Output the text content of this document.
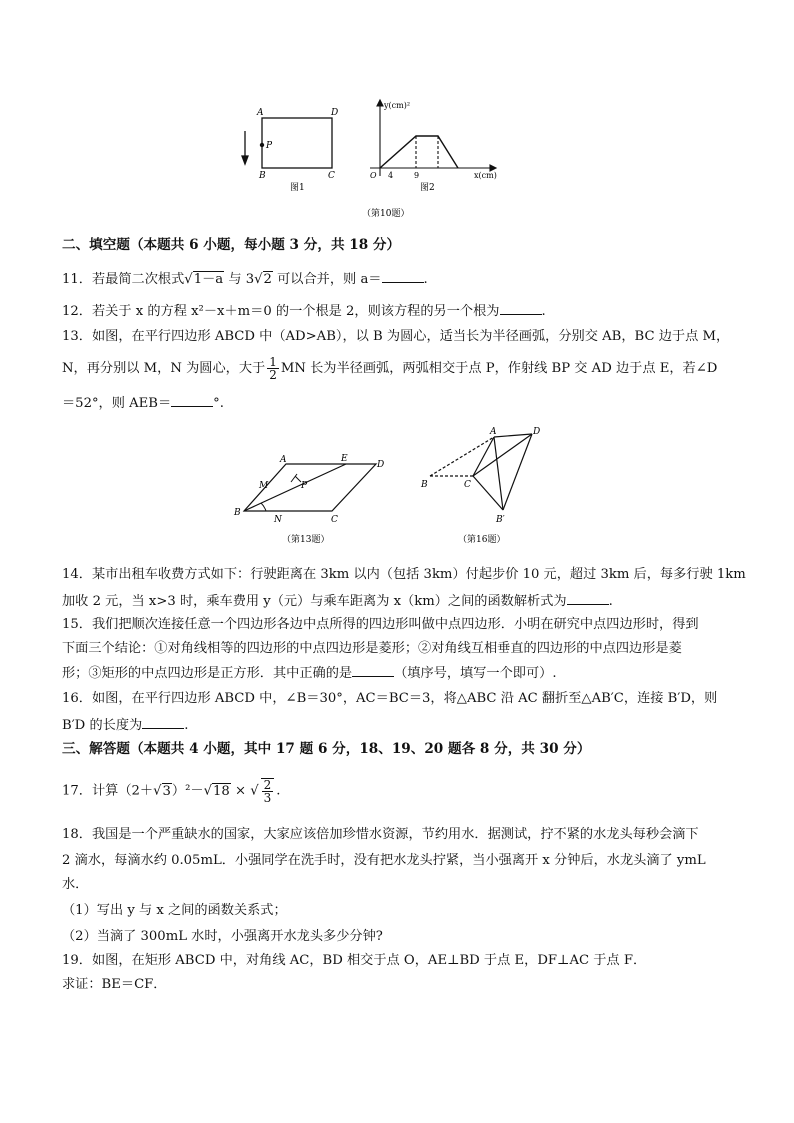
A	D
P
B	C
图1
y(cm)²
x(cm)
O 4	9
图2
（第10题）
二、填空题（本题共 6 小题，每小题 3 分，共 18 分）
11．若最简二次根式√1－a 与 3√2 可以合并，则 a＝	.
12．若关于 x 的方程 x²－x＋m＝0 的一个根是 2，则该方程的另一个根为	.
13．如图，在平行四边形 ABCD 中（AD>AB），以 B 为圆心，适当长为半径画弧，分别交 AB，BC 边于点 M，
N，再分别以 M，N 为圆心，大于 $\frac{1}{2}$ MN 长为半径画弧，两弧相交于点 P，作射线 BP 交 AD 边于点 E，若∠D
＝52°，则 AEB＝	°.
A	E
D
M	P
B
N	C
（第13题）
A	D
B	C
B′
（第16题）
14．某市出租车收费方式如下：行驶距离在 3km 以内（包括 3km）付起步价 10 元，超过 3km 后，每多行驶 1km
加收 2 元，当 x>3 时，乘车费用 y（元）与乘车距离为 x（km）之间的函数解析式为	.
15．我们把顺次连接任意一个四边形各边中点所得的四边形叫做中点四边形．小明在研究中点四边形时，得到
下面三个结论：①对角线相等的四边形的中点四边形是菱形；②对角线互相垂直的四边形的中点四边形是菱
形；③矩形的中点四边形是正方形．其中正确的是	（填序号，填写一个即可）.
16．如图，在平行四边形 ABCD 中，∠B＝30°，AC＝BC＝3，将△ABC 沿 AC 翻折至△AB′C，连接 B′D，则
B′D 的长度为	.
三、解答题（本题共 4 小题，其中 17 题 6 分，18、19、20 题各 8 分，共 30 分）
17．计算（2＋√3）²－√18 × √ $\frac{2}{3}$ .
18．我国是一个严重缺水的国家，大家应该倍加珍惜水资源，节约用水．据测试，拧不紧的水龙头每秒会滴下
2 滴水，每滴水约 0.05mL．小强同学在洗手时，没有把水龙头拧紧，当小强离开 x 分钟后，水龙头滴了 ymL
水．
（1）写出 y 与 x 之间的函数关系式；
（2）当滴了 300mL 水时，小强离开水龙头多少分钟?
19．如图，在矩形 ABCD 中，对角线 AC，BD 相交于点 O，AE⊥BD 于点 E，DF⊥AC 于点 F．
求证：BE＝CF．
